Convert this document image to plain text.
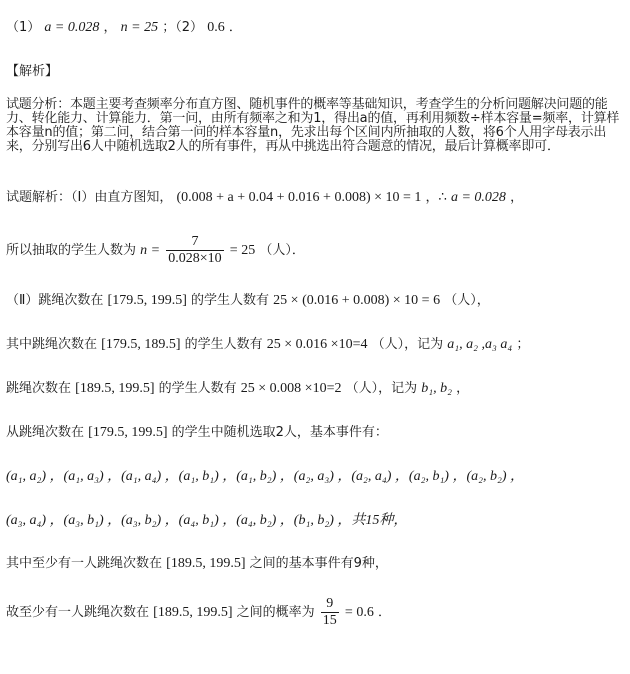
（1） a = 0.028 ， n = 25 ；（2） 0.6 ．
【解析】
试题分析：本题主要考查频率分布直方图、随机事件的概率等基础知识，考查学生的分析问题解决问题的能力、转化能力、计算能力．第一问，由所有频率之和为1，得出a的值，再利用频数÷样本容量=频率，计算样本容量n的值；第二问，结合第一问的样本容量n，先求出每个区间内所抽取的人数，将6个人用字母表示出来，分别写出6人中随机选取2人的所有事件，再从中挑选出符合题意的情况，最后计算概率即可．
试题解析：（Ⅰ）由直方图知， (0.008 + a + 0.04 + 0.016 + 0.008) × 10 = 1 ，∴ a = 0.028 ，
所以抽取的学生人数为 $n = \frac{7}{0.028\times 10} = 25$ （人）．
（Ⅱ）跳绳次数在 [179.5, 199.5] 的学生人数有 25 × (0.016 + 0.008) × 10 = 6 （人），
其中跳绳次数在 [179.5, 189.5] 的学生人数有 25 × 0.016 ×10=4 （人），记为 a₁, a₂ ,a₃ a₄ ；
跳绳次数在 [189.5, 199.5] 的学生人数有 25 × 0.008 ×10=2 （人），记为 b₁, b₂ ，
从跳绳次数在 [179.5, 199.5] 的学生中随机选取2人，基本事件有：
(a₁, a₂) ，(a₁, a₃) ，(a₁, a₄) ，(a₁, b₁) ，(a₁, b₂) ，(a₂, a₃) ，(a₂, a₄) ，(a₂, b₁) ，(a₂, b₂) ，
(a₃, a₄) ，(a₃, b₁) ，(a₃, b₂) ，(a₄, b₁) ，(a₄, b₂) ，(b₁, b₂) ，共15种，
其中至少有一人跳绳次数在 [189.5, 199.5] 之间的基本事件有9种，
故至少有一人跳绳次数在 [189.5, 199.5] 之间的概率为 $\frac{9}{15} = 0.6$ ．
